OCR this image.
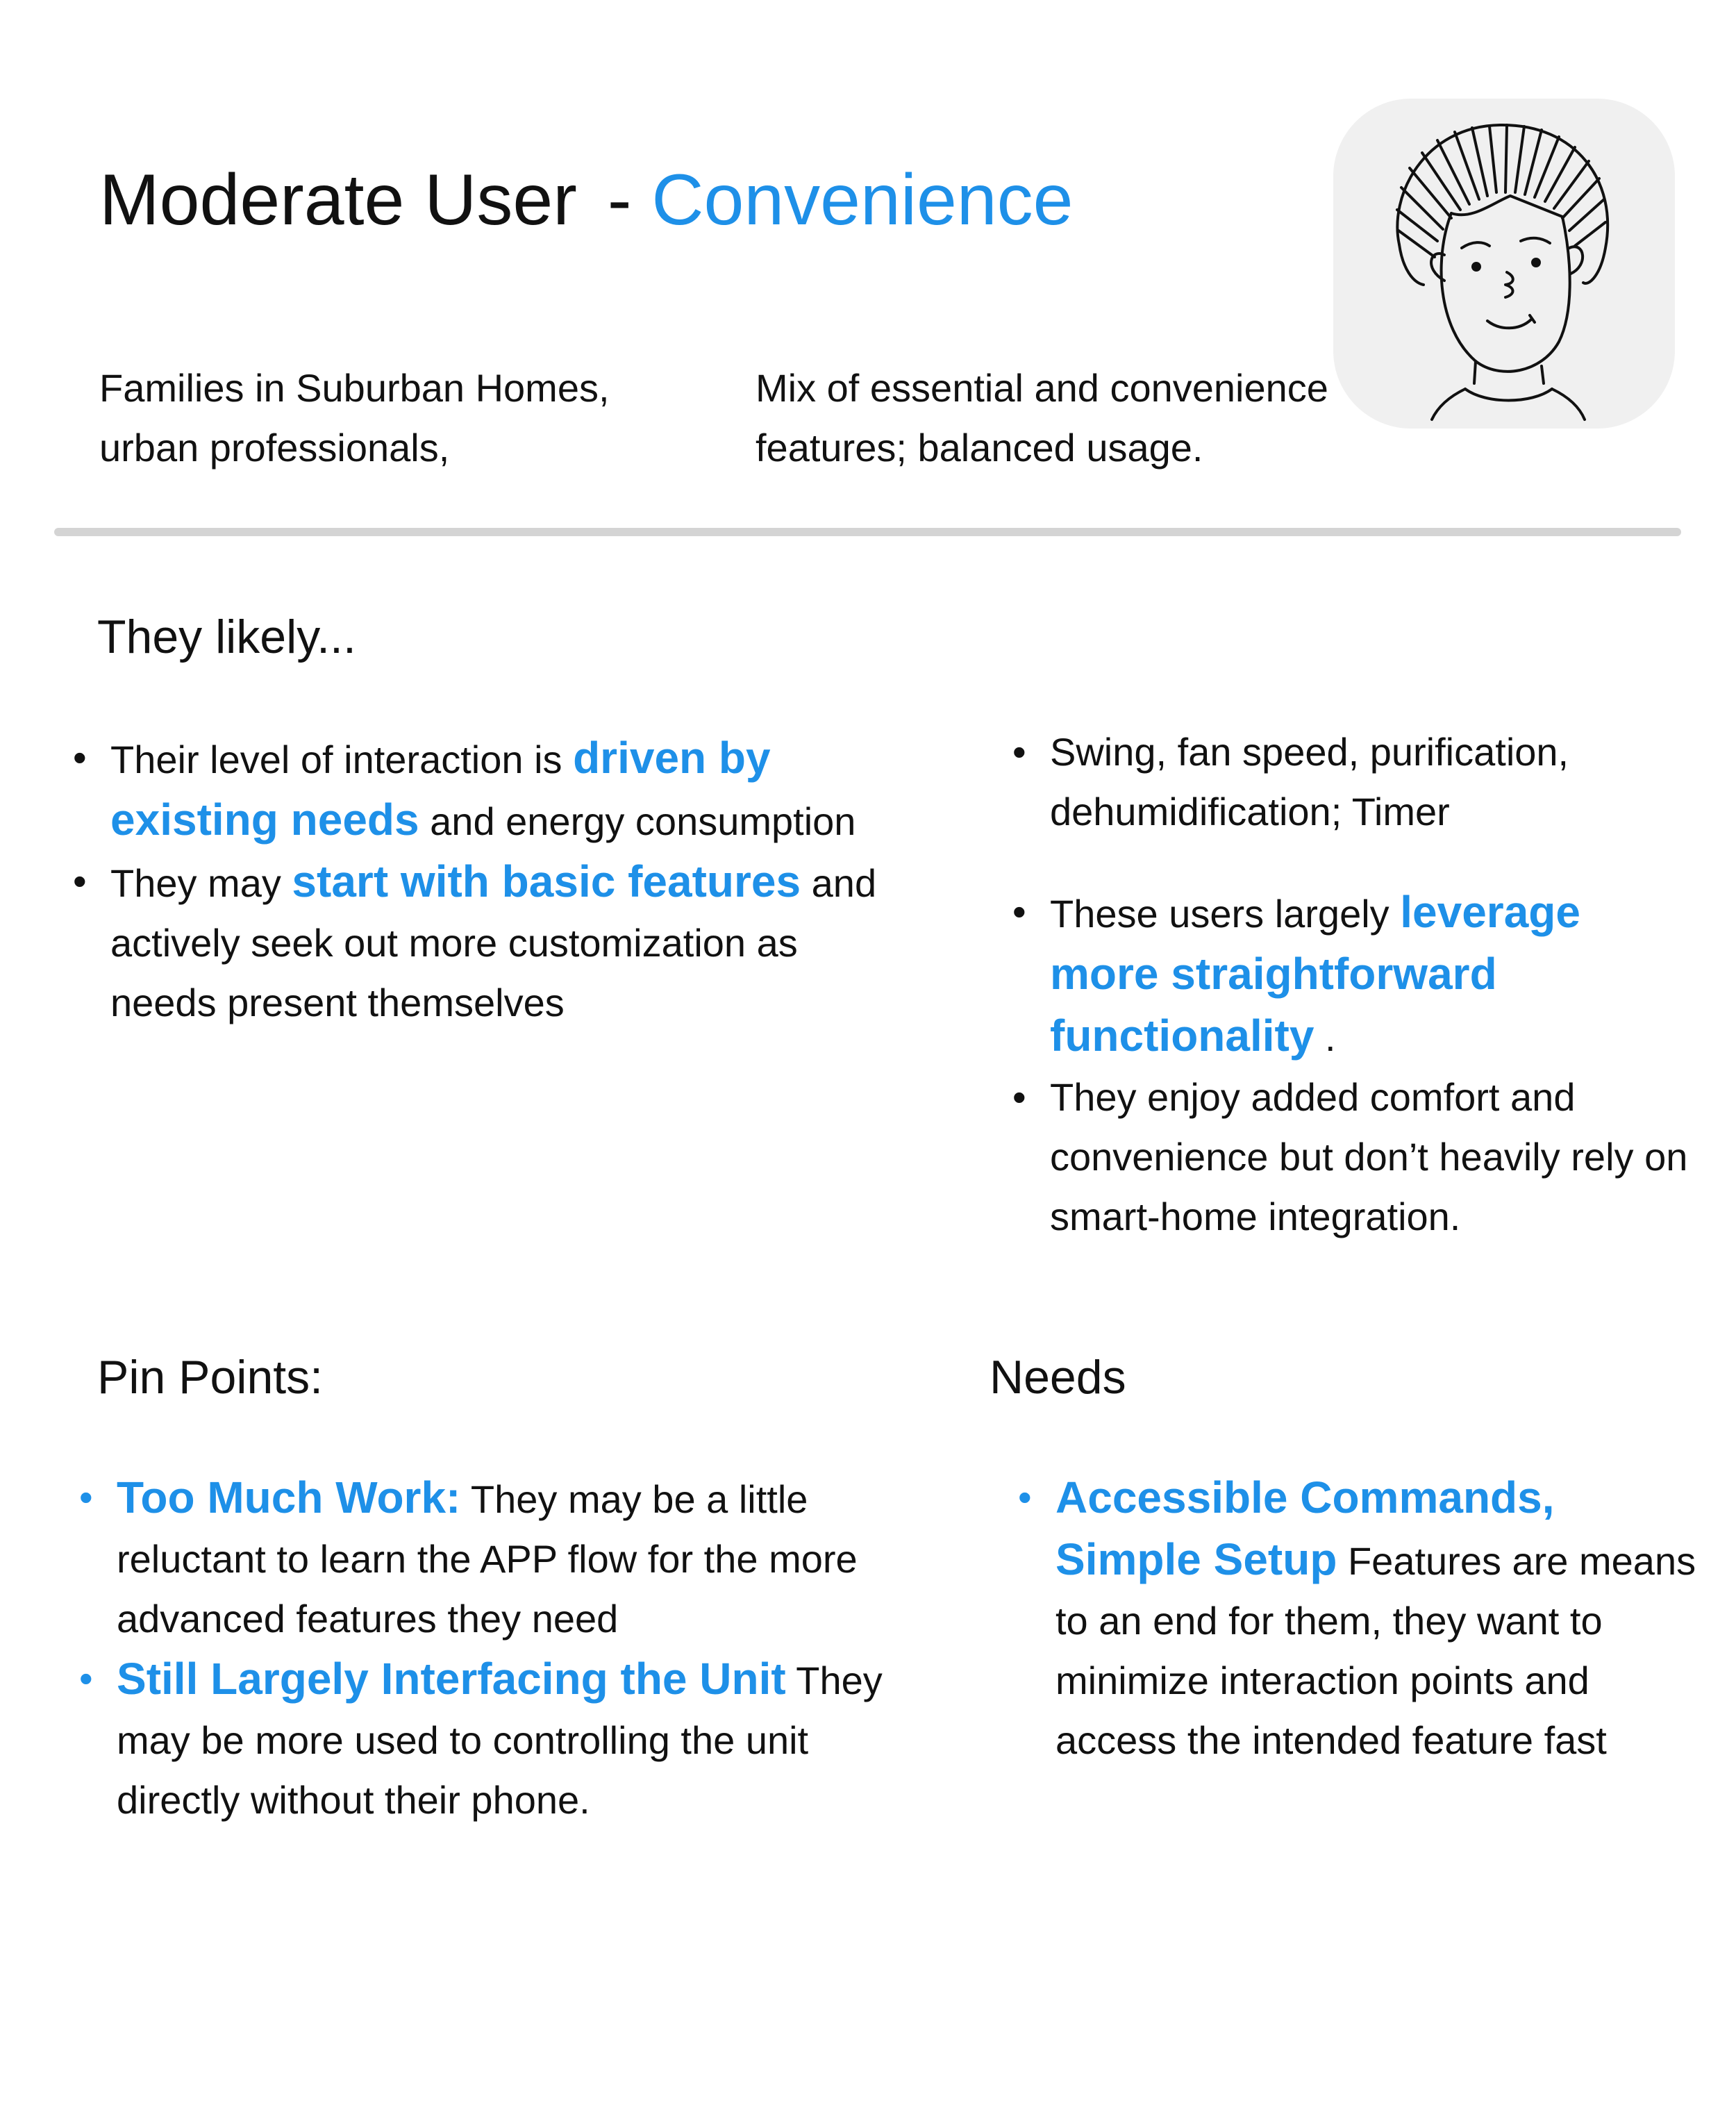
Moderate User - Convenience
Families in Suburban Homes,
urban professionals,
Mix of essential and convenience
features; balanced usage.
They likely...
• Their level of interaction is driven by existing needs and energy consumption
• They may start with basic features and actively seek out more customization as needs present themselves
• Swing, fan speed, purification, dehumidification; Timer
• These users largely leverage more straightforward functionality .
• They enjoy added comfort and convenience but don’t heavily rely on smart-home integration.
Pin Points:
• Too Much Work: They may be a little reluctant to learn the APP flow for the more advanced features they need
• Still Largely Interfacing the Unit They may be more used to controlling the unit directly without their phone.
Needs
• Accessible Commands, Simple Setup Features are means to an end for them, they want to minimize interaction points and access the intended feature fast
